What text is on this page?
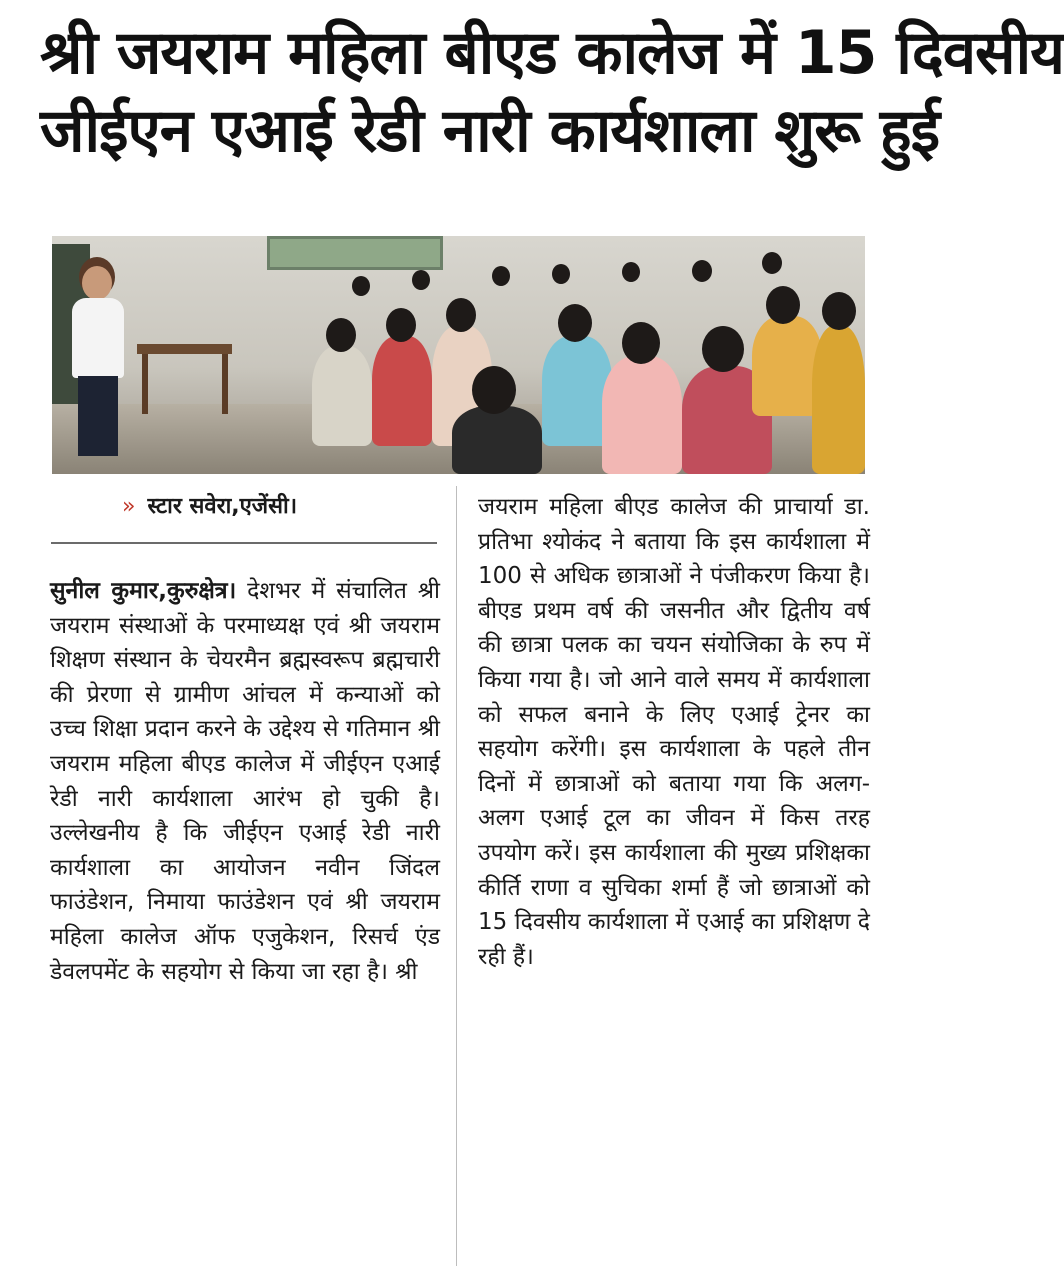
श्री जयराम महिला बीएड कालेज में 15 दिवसीय
जीईएन एआई रेडी नारी कार्यशाला शुरू हुई
» स्टार सवेरा,एजेंसी।
सुनील कुमार,कुरुक्षेत्र। देशभर में संचालित श्री जयराम संस्थाओं के परमाध्यक्ष एवं श्री जयराम शिक्षण संस्थान के चेयरमैन ब्रह्मस्वरूप ब्रह्मचारी की प्रेरणा से ग्रामीण आंचल में कन्याओं को उच्च शिक्षा प्रदान करने के उद्देश्य से गतिमान श्री जयराम महिला बीएड कालेज में जीईएन एआई रेडी नारी कार्यशाला आरंभ हो चुकी है।उल्लेखनीय है कि जीईएन एआई रेडी नारी कार्यशाला का आयोजन नवीन जिंदल फाउंडेशन, निमाया फाउंडेशन एवं श्री जयराम महिला कालेज ऑफ एजुकेशन, रिसर्च एंड डेवलपमेंट के सहयोग से किया जा रहा है। श्री
जयराम महिला बीएड कालेज की प्राचार्या डा. प्रतिभा श्योकंद ने बताया कि इस कार्यशाला में 100 से अधिक छात्राओं ने पंजीकरण किया है। बीएड प्रथम वर्ष की जसनीत और द्वितीय वर्ष की छात्रा पलक का चयन संयोजिका के रुप में किया गया है। जो आने वाले समय में कार्यशाला को सफल बनाने के लिए एआई ट्रेनर का सहयोग करेंगी। इस कार्यशाला के पहले तीन दिनों में छात्राओं को बताया गया कि अलग-अलग एआई टूल का जीवन में किस तरह उपयोग करें। इस कार्यशाला की मुख्य प्रशिक्षका कीर्ति राणा व सुचिका शर्मा हैं जो छात्राओं को 15 दिवसीय कार्यशाला में एआई का प्रशिक्षण दे रही हैं।
